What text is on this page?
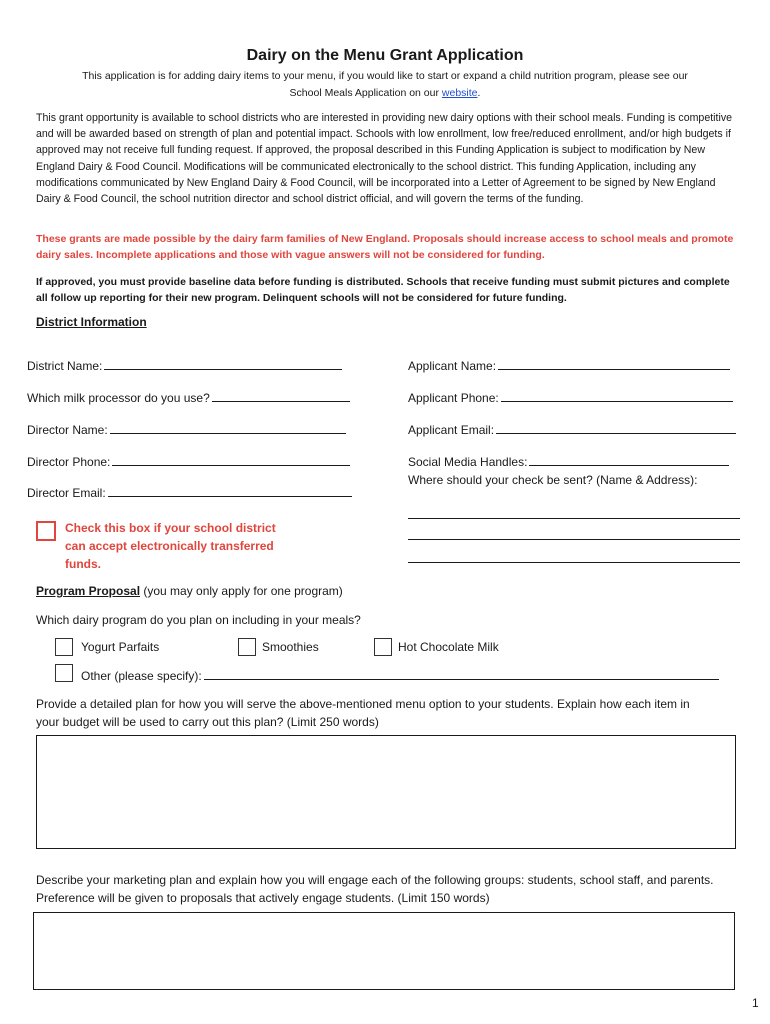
Dairy on the Menu Grant Application
This application is for adding dairy items to your menu, if you would like to start or expand a child nutrition program, please see our
School Meals Application on our website.
This grant opportunity is available to school districts who are interested in providing new dairy options with their school meals. Funding is competitive and will be awarded based on strength of plan and potential impact. Schools with low enrollment, low free/reduced enrollment, and/or high budgets if approved may not receive full funding request. If approved, the proposal described in this Funding Application is subject to modification by New England Dairy & Food Council. Modifications will be communicated electronically to the school district. This funding Application, including any modifications communicated by New England Dairy & Food Council, will be incorporated into a Letter of Agreement to be signed by New England Dairy & Food Council, the school nutrition director and school district official, and will govern the terms of the funding.
These grants are made possible by the dairy farm families of New England. Proposals should increase access to school meals and promote dairy sales. Incomplete applications and those with vague answers will not be considered for funding.
If approved, you must provide baseline data before funding is distributed. Schools that receive funding must submit pictures and complete all follow up reporting for their new program. Delinquent schools will not be considered for future funding.
District Information
District Name:
Which milk processor do you use?
Director Name:
Director Phone:
Director Email:
Applicant Name:
Applicant Phone:
Applicant Email:
Social Media Handles:
Where should your check be sent? (Name & Address):
Check this box if your school district
can accept electronically transferred
funds.
Program Proposal (you may only apply for one program)
Which dairy program do you plan on including in your meals?
Yogurt Parfaits	Smoothies	Hot Chocolate Milk
Other (please specify):
Provide a detailed plan for how you will serve the above-mentioned menu option to your students. Explain how each item in your budget will be used to carry out this plan? (Limit 250 words)
Describe your marketing plan and explain how you will engage each of the following groups: students, school staff, and parents. Preference will be given to proposals that actively engage students. (Limit 150 words)
1
